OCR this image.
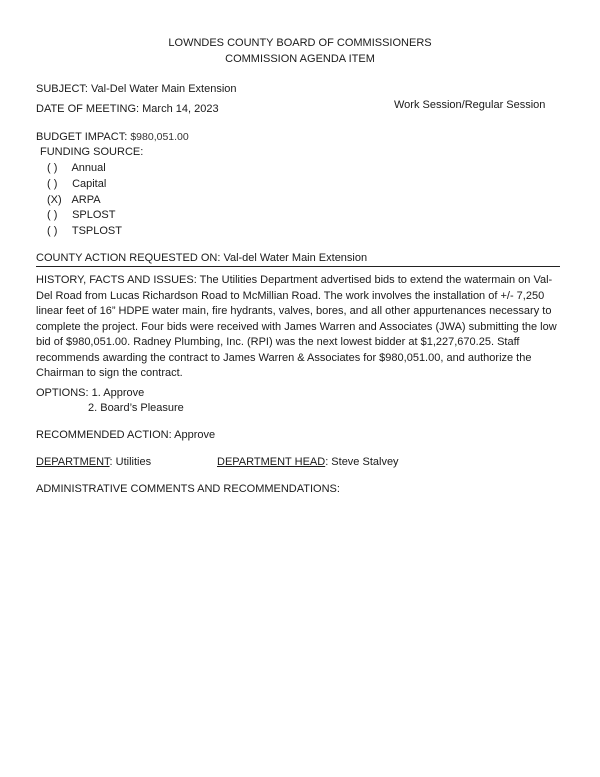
LOWNDES COUNTY BOARD OF COMMISSIONERS
COMMISSION AGENDA ITEM
SUBJECT: Val-Del Water Main Extension
DATE OF MEETING: March 14, 2023	Work Session/Regular Session
BUDGET IMPACT: $980,051.00
FUNDING SOURCE:
( ) Annual
( ) Capital
(X) ARPA
( ) SPLOST
( ) TSPLOST
COUNTY ACTION REQUESTED ON: Val-del Water Main Extension
HISTORY, FACTS AND ISSUES: The Utilities Department advertised bids to extend the watermain on Val-Del Road from Lucas Richardson Road to McMillian Road. The work involves the installation of +/- 7,250 linear feet of 16” HDPE water main, fire hydrants, valves, bores, and all other appurtenances necessary to complete the project. Four bids were received with James Warren and Associates (JWA) submitting the low bid of $980,051.00. Radney Plumbing, Inc. (RPI) was the next lowest bidder at $1,227,670.25. Staff recommends awarding the contract to James Warren & Associates for $980,051.00, and authorize the Chairman to sign the contract.
OPTIONS: 1. Approve
2. Board’s Pleasure
RECOMMENDED ACTION: Approve
DEPARTMENT: Utilities	DEPARTMENT HEAD: Steve Stalvey
ADMINISTRATIVE COMMENTS AND RECOMMENDATIONS:
